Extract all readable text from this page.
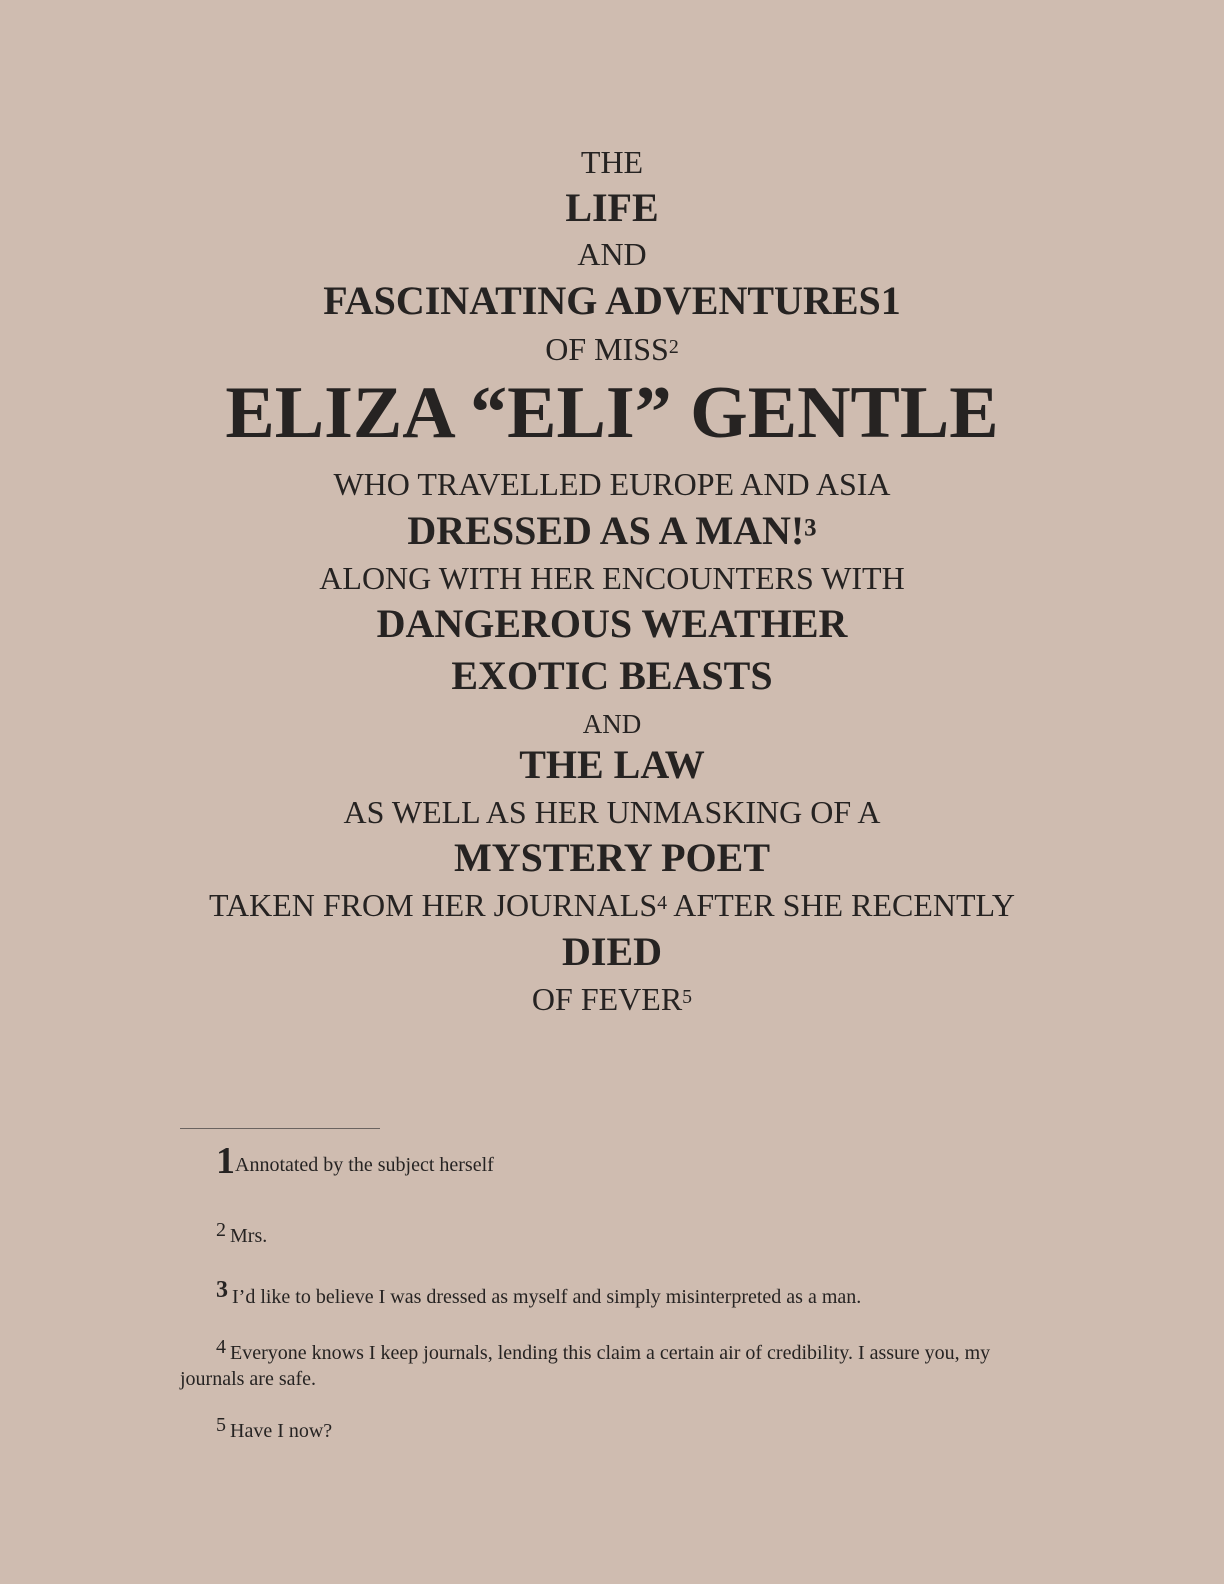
THE
LIFE
AND
FASCINATING ADVENTURES1
OF MISS$^2$
ELIZA “ELI” GENTLE
WHO TRAVELLED EUROPE AND ASIA
DRESSED AS A MAN!$^3$
ALONG WITH HER ENCOUNTERS WITH
DANGEROUS WEATHER
EXOTIC BEASTS
AND
THE LAW
AS WELL AS HER UNMASKING OF A
MYSTERY POET
TAKEN FROM HER JOURNALS$^4$ AFTER SHE RECENTLY
DIED
OF FEVER$^5$
1Annotated by the subject herself
2 Mrs.
3 I’d like to believe I was dressed as myself and simply misinterpreted as a man.
4 Everyone knows I keep journals, lending this claim a certain air of credibility. I assure you, my journals are safe.
5 Have I now?
